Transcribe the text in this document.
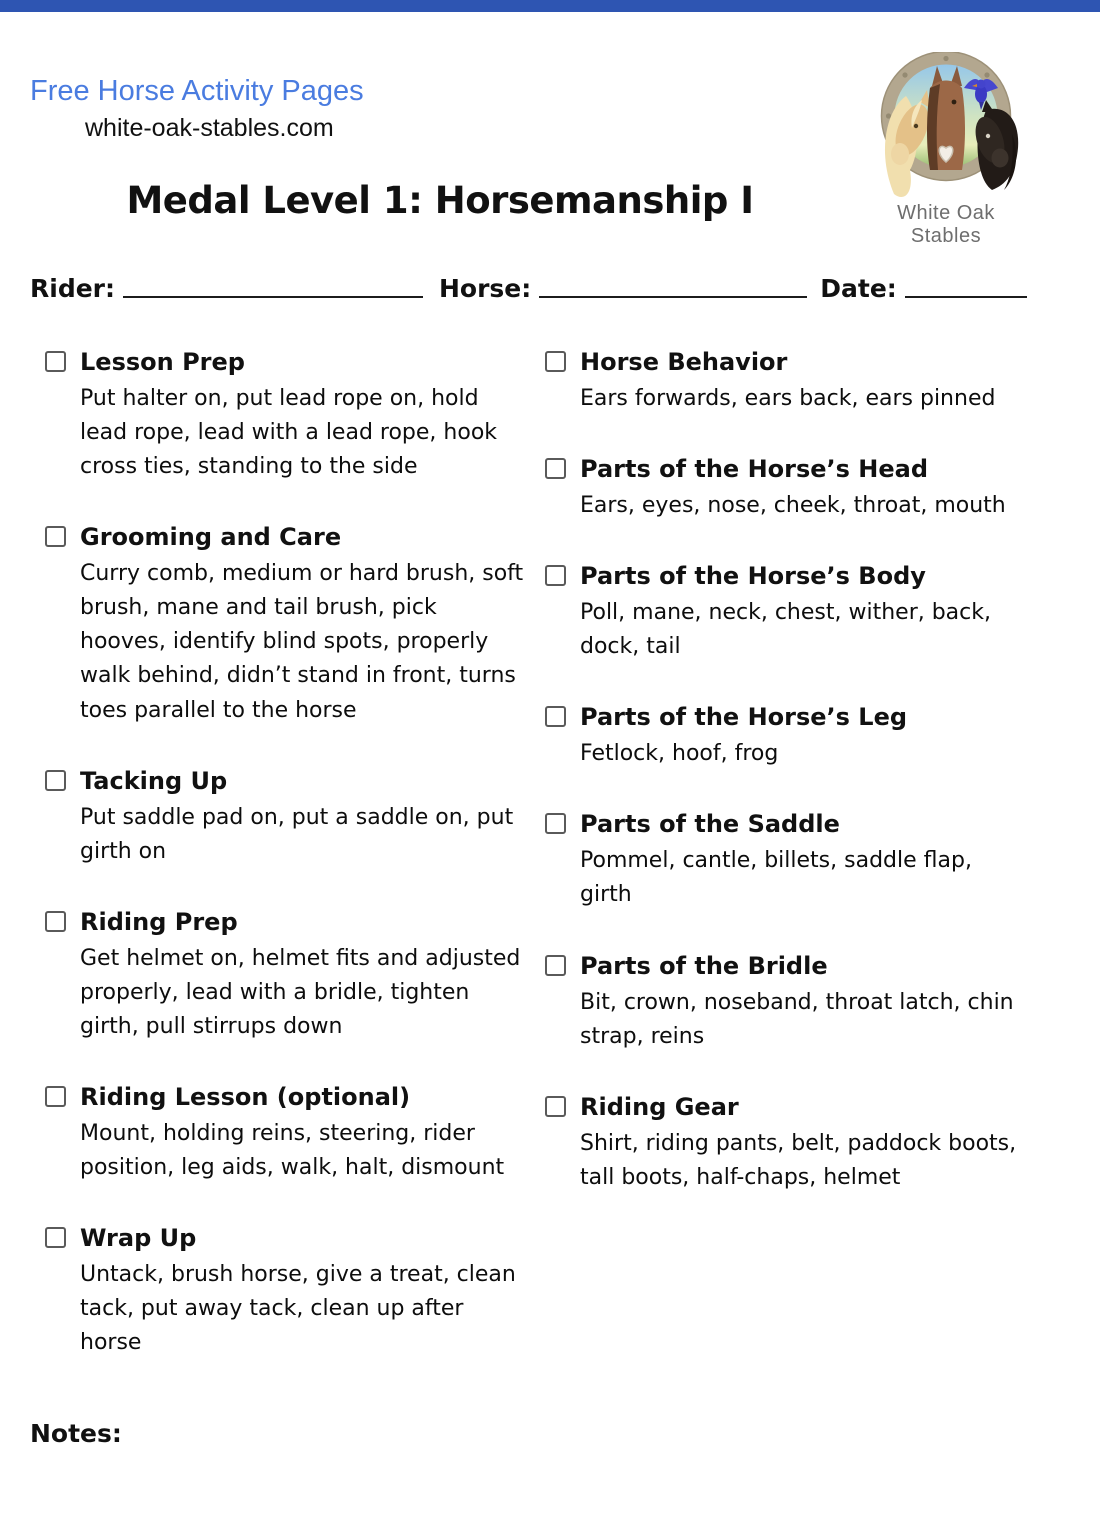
Free Horse Activity Pages
white-oak-stables.com
White Oak Stables
Medal Level 1: Horsemanship I
Rider:	Horse:	Date:
Lesson Prep
Put halter on, put lead rope on, hold lead rope, lead with a lead rope, hook cross ties, standing to the side
Grooming and Care
Curry comb, medium or hard brush, soft brush, mane and tail brush, pick hooves, identify blind spots, properly walk behind, didn’t stand in front, turns toes parallel to the horse
Tacking Up
Put saddle pad on, put a saddle on, put girth on
Riding Prep
Get helmet on, helmet fits and adjusted properly, lead with a bridle, tighten girth, pull stirrups down
Riding Lesson (optional)
Mount, holding reins, steering, rider position, leg aids, walk, halt, dismount
Wrap Up
Untack, brush horse, give a treat, clean tack, put away tack, clean up after horse
Horse Behavior
Ears forwards, ears back, ears pinned
Parts of the Horse’s Head
Ears, eyes, nose, cheek, throat, mouth
Parts of the Horse’s Body
Poll, mane, neck, chest, wither, back, dock, tail
Parts of the Horse’s Leg
Fetlock, hoof, frog
Parts of the Saddle
Pommel, cantle, billets, saddle flap, girth
Parts of the Bridle
Bit, crown, noseband, throat latch, chin strap, reins
Riding Gear
Shirt, riding pants, belt, paddock boots, tall boots, half-chaps, helmet
Notes:
